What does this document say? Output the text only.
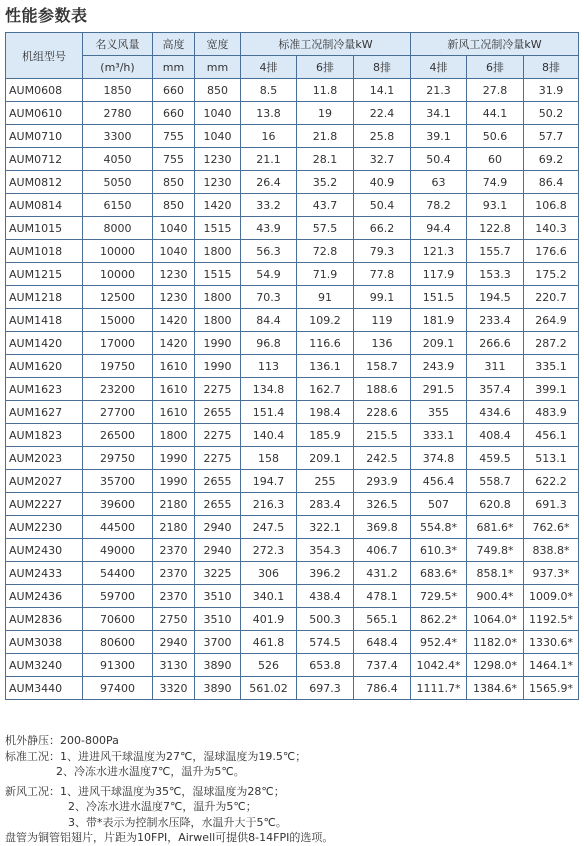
性能参数表
机组型号	名义风量	高度	宽度	标准工况制冷量kW			新风工况制冷量kW		
	(m³/h)	mm	mm	4排	6排	8排	4排	6排	8排
AUM0608	1850	660	850	8.5	11.8	14.1	21.3	27.8	31.9
AUM0610	2780	660	1040	13.8	19	22.4	34.1	44.1	50.2
AUM0710	3300	755	1040	16	21.8	25.8	39.1	50.6	57.7
AUM0712	4050	755	1230	21.1	28.1	32.7	50.4	60	69.2
AUM0812	5050	850	1230	26.4	35.2	40.9	63	74.9	86.4
AUM0814	6150	850	1420	33.2	43.7	50.4	78.2	93.1	106.8
AUM1015	8000	1040	1515	43.9	57.5	66.2	94.4	122.8	140.3
AUM1018	10000	1040	1800	56.3	72.8	79.3	121.3	155.7	176.6
AUM1215	10000	1230	1515	54.9	71.9	77.8	117.9	153.3	175.2
AUM1218	12500	1230	1800	70.3	91	99.1	151.5	194.5	220.7
AUM1418	15000	1420	1800	84.4	109.2	119	181.9	233.4	264.9
AUM1420	17000	1420	1990	96.8	116.6	136	209.1	266.6	287.2
AUM1620	19750	1610	1990	113	136.1	158.7	243.9	311	335.1
AUM1623	23200	1610	2275	134.8	162.7	188.6	291.5	357.4	399.1
AUM1627	27700	1610	2655	151.4	198.4	228.6	355	434.6	483.9
AUM1823	26500	1800	2275	140.4	185.9	215.5	333.1	408.4	456.1
AUM2023	29750	1990	2275	158	209.1	242.5	374.8	459.5	513.1
AUM2027	35700	1990	2655	194.7	255	293.9	456.4	558.7	622.2
AUM2227	39600	2180	2655	216.3	283.4	326.5	507	620.8	691.3
AUM2230	44500	2180	2940	247.5	322.1	369.8	554.8*	681.6*	762.6*
AUM2430	49000	2370	2940	272.3	354.3	406.7	610.3*	749.8*	838.8*
AUM2433	54400	2370	3225	306	396.2	431.2	683.6*	858.1*	937.3*
AUM2436	59700	2370	3510	340.1	438.4	478.1	729.5*	900.4*	1009.0*
AUM2836	70600	2750	3510	401.9	500.3	565.1	862.2*	1064.0*	1192.5*
AUM3038	80600	2940	3700	461.8	574.5	648.4	952.4*	1182.0*	1330.6*
AUM3240	91300	3130	3890	526	653.8	737.4	1042.4*	1298.0*	1464.1*
AUM3440	97400	3320	3890	561.02	697.3	786.4	1111.7*	1384.6*	1565.9*
机外静压：200-800Pa
标准工况：1、进进风干球温度为27℃，湿球温度为19.5℃；
2、冷冻水进水温度7℃，温升为5℃。
新风工况：1、进风干球温度为35℃，湿球温度为28℃；
2、冷冻水进水温度7℃，温升为5℃；
3、带*表示为控制水压降，水温升大于5℃。
盘管为铜管铝翅片，片距为10FPI，Airwell可提供8-14FPI的选项。
